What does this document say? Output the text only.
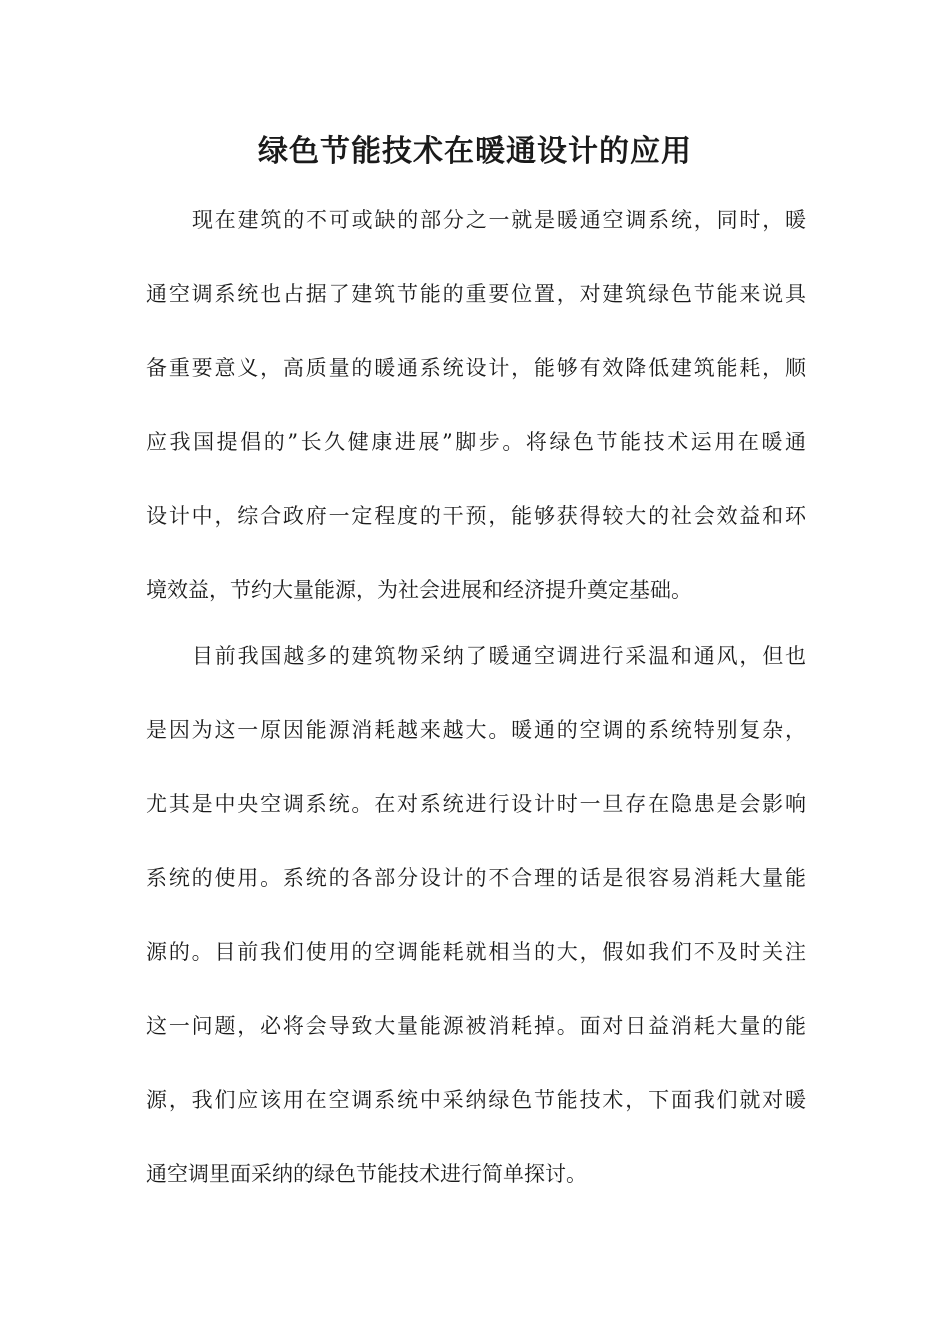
绿色节能技术在暖通设计的应用
现在建筑的不可或缺的部分之一就是暖通空调系统，同时，暖
通空调系统也占据了建筑节能的重要位置，对建筑绿色节能来说具
备重要意义，高质量的暖通系统设计，能够有效降低建筑能耗，顺
应我国提倡的”长久健康进展”脚步。将绿色节能技术运用在暖通
设计中，综合政府一定程度的干预，能够获得较大的社会效益和环
境效益，节约大量能源，为社会进展和经济提升奠定基础。
目前我国越多的建筑物采纳了暖通空调进行采温和通风，但也
是因为这一原因能源消耗越来越大。暖通的空调的系统特别复杂，
尤其是中央空调系统。在对系统进行设计时一旦存在隐患是会影响
系统的使用。系统的各部分设计的不合理的话是很容易消耗大量能
源的。目前我们使用的空调能耗就相当的大，假如我们不及时关注
这一问题，必将会导致大量能源被消耗掉。面对日益消耗大量的能
源，我们应该用在空调系统中采纳绿色节能技术，下面我们就对暖
通空调里面采纳的绿色节能技术进行简单探讨。
